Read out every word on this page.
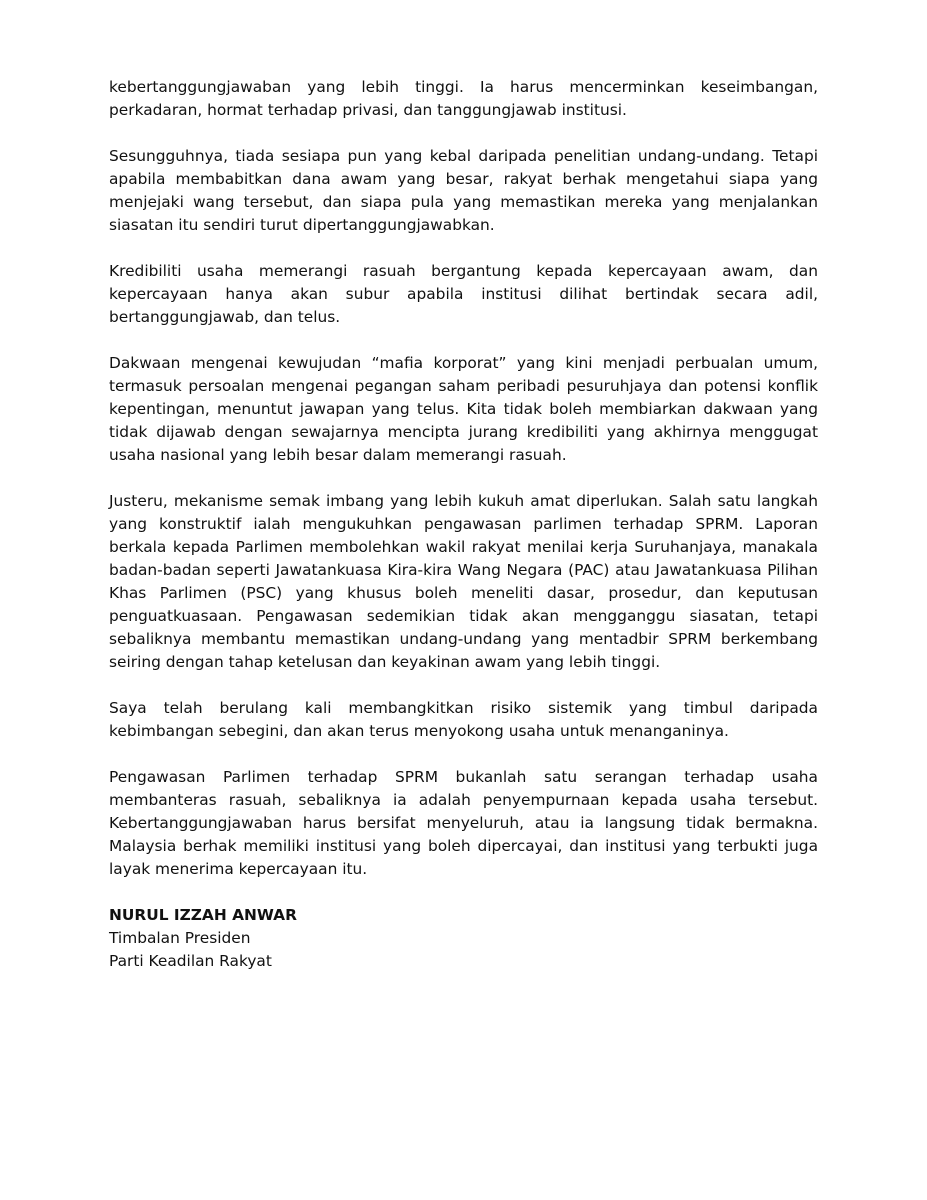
kebertanggungjawaban yang lebih tinggi. Ia harus mencerminkan keseimbangan, perkadaran, hormat terhadap privasi, dan tanggungjawab institusi.

Sesungguhnya, tiada sesiapa pun yang kebal daripada penelitian undang-undang. Tetapi apabila membabitkan dana awam yang besar, rakyat berhak mengetahui siapa yang menjejaki wang tersebut, dan siapa pula yang memastikan mereka yang menjalankan siasatan itu sendiri turut dipertanggungjawabkan.

Kredibiliti usaha memerangi rasuah bergantung kepada kepercayaan awam, dan kepercayaan hanya akan subur apabila institusi dilihat bertindak secara adil, bertanggungjawab, dan telus.

Dakwaan mengenai kewujudan “mafia korporat” yang kini menjadi perbualan umum, termasuk persoalan mengenai pegangan saham peribadi pesuruhjaya dan potensi konflik kepentingan, menuntut jawapan yang telus. Kita tidak boleh membiarkan dakwaan yang tidak dijawab dengan sewajarnya mencipta jurang kredibiliti yang akhirnya menggugat usaha nasional yang lebih besar dalam memerangi rasuah.

Justeru, mekanisme semak imbang yang lebih kukuh amat diperlukan. Salah satu langkah yang konstruktif ialah mengukuhkan pengawasan parlimen terhadap SPRM. Laporan berkala kepada Parlimen membolehkan wakil rakyat menilai kerja Suruhanjaya, manakala badan-badan seperti Jawatankuasa Kira-kira Wang Negara (PAC) atau Jawatankuasa Pilihan Khas Parlimen (PSC) yang khusus boleh meneliti dasar, prosedur, dan keputusan penguatkuasaan. Pengawasan sedemikian tidak akan mengganggu siasatan, tetapi sebaliknya membantu memastikan undang-undang yang mentadbir SPRM berkembang seiring dengan tahap ketelusan dan keyakinan awam yang lebih tinggi.

Saya telah berulang kali membangkitkan risiko sistemik yang timbul daripada kebimbangan sebegini, dan akan terus menyokong usaha untuk menanganinya.

Pengawasan Parlimen terhadap SPRM bukanlah satu serangan terhadap usaha membanteras rasuah, sebaliknya ia adalah penyempurnaan kepada usaha tersebut. Kebertanggungjawaban harus bersifat menyeluruh, atau ia langsung tidak bermakna. Malaysia berhak memiliki institusi yang boleh dipercayai, dan institusi yang terbukti juga layak menerima kepercayaan itu.

NURUL IZZAH ANWAR
Timbalan Presiden
Parti Keadilan Rakyat
